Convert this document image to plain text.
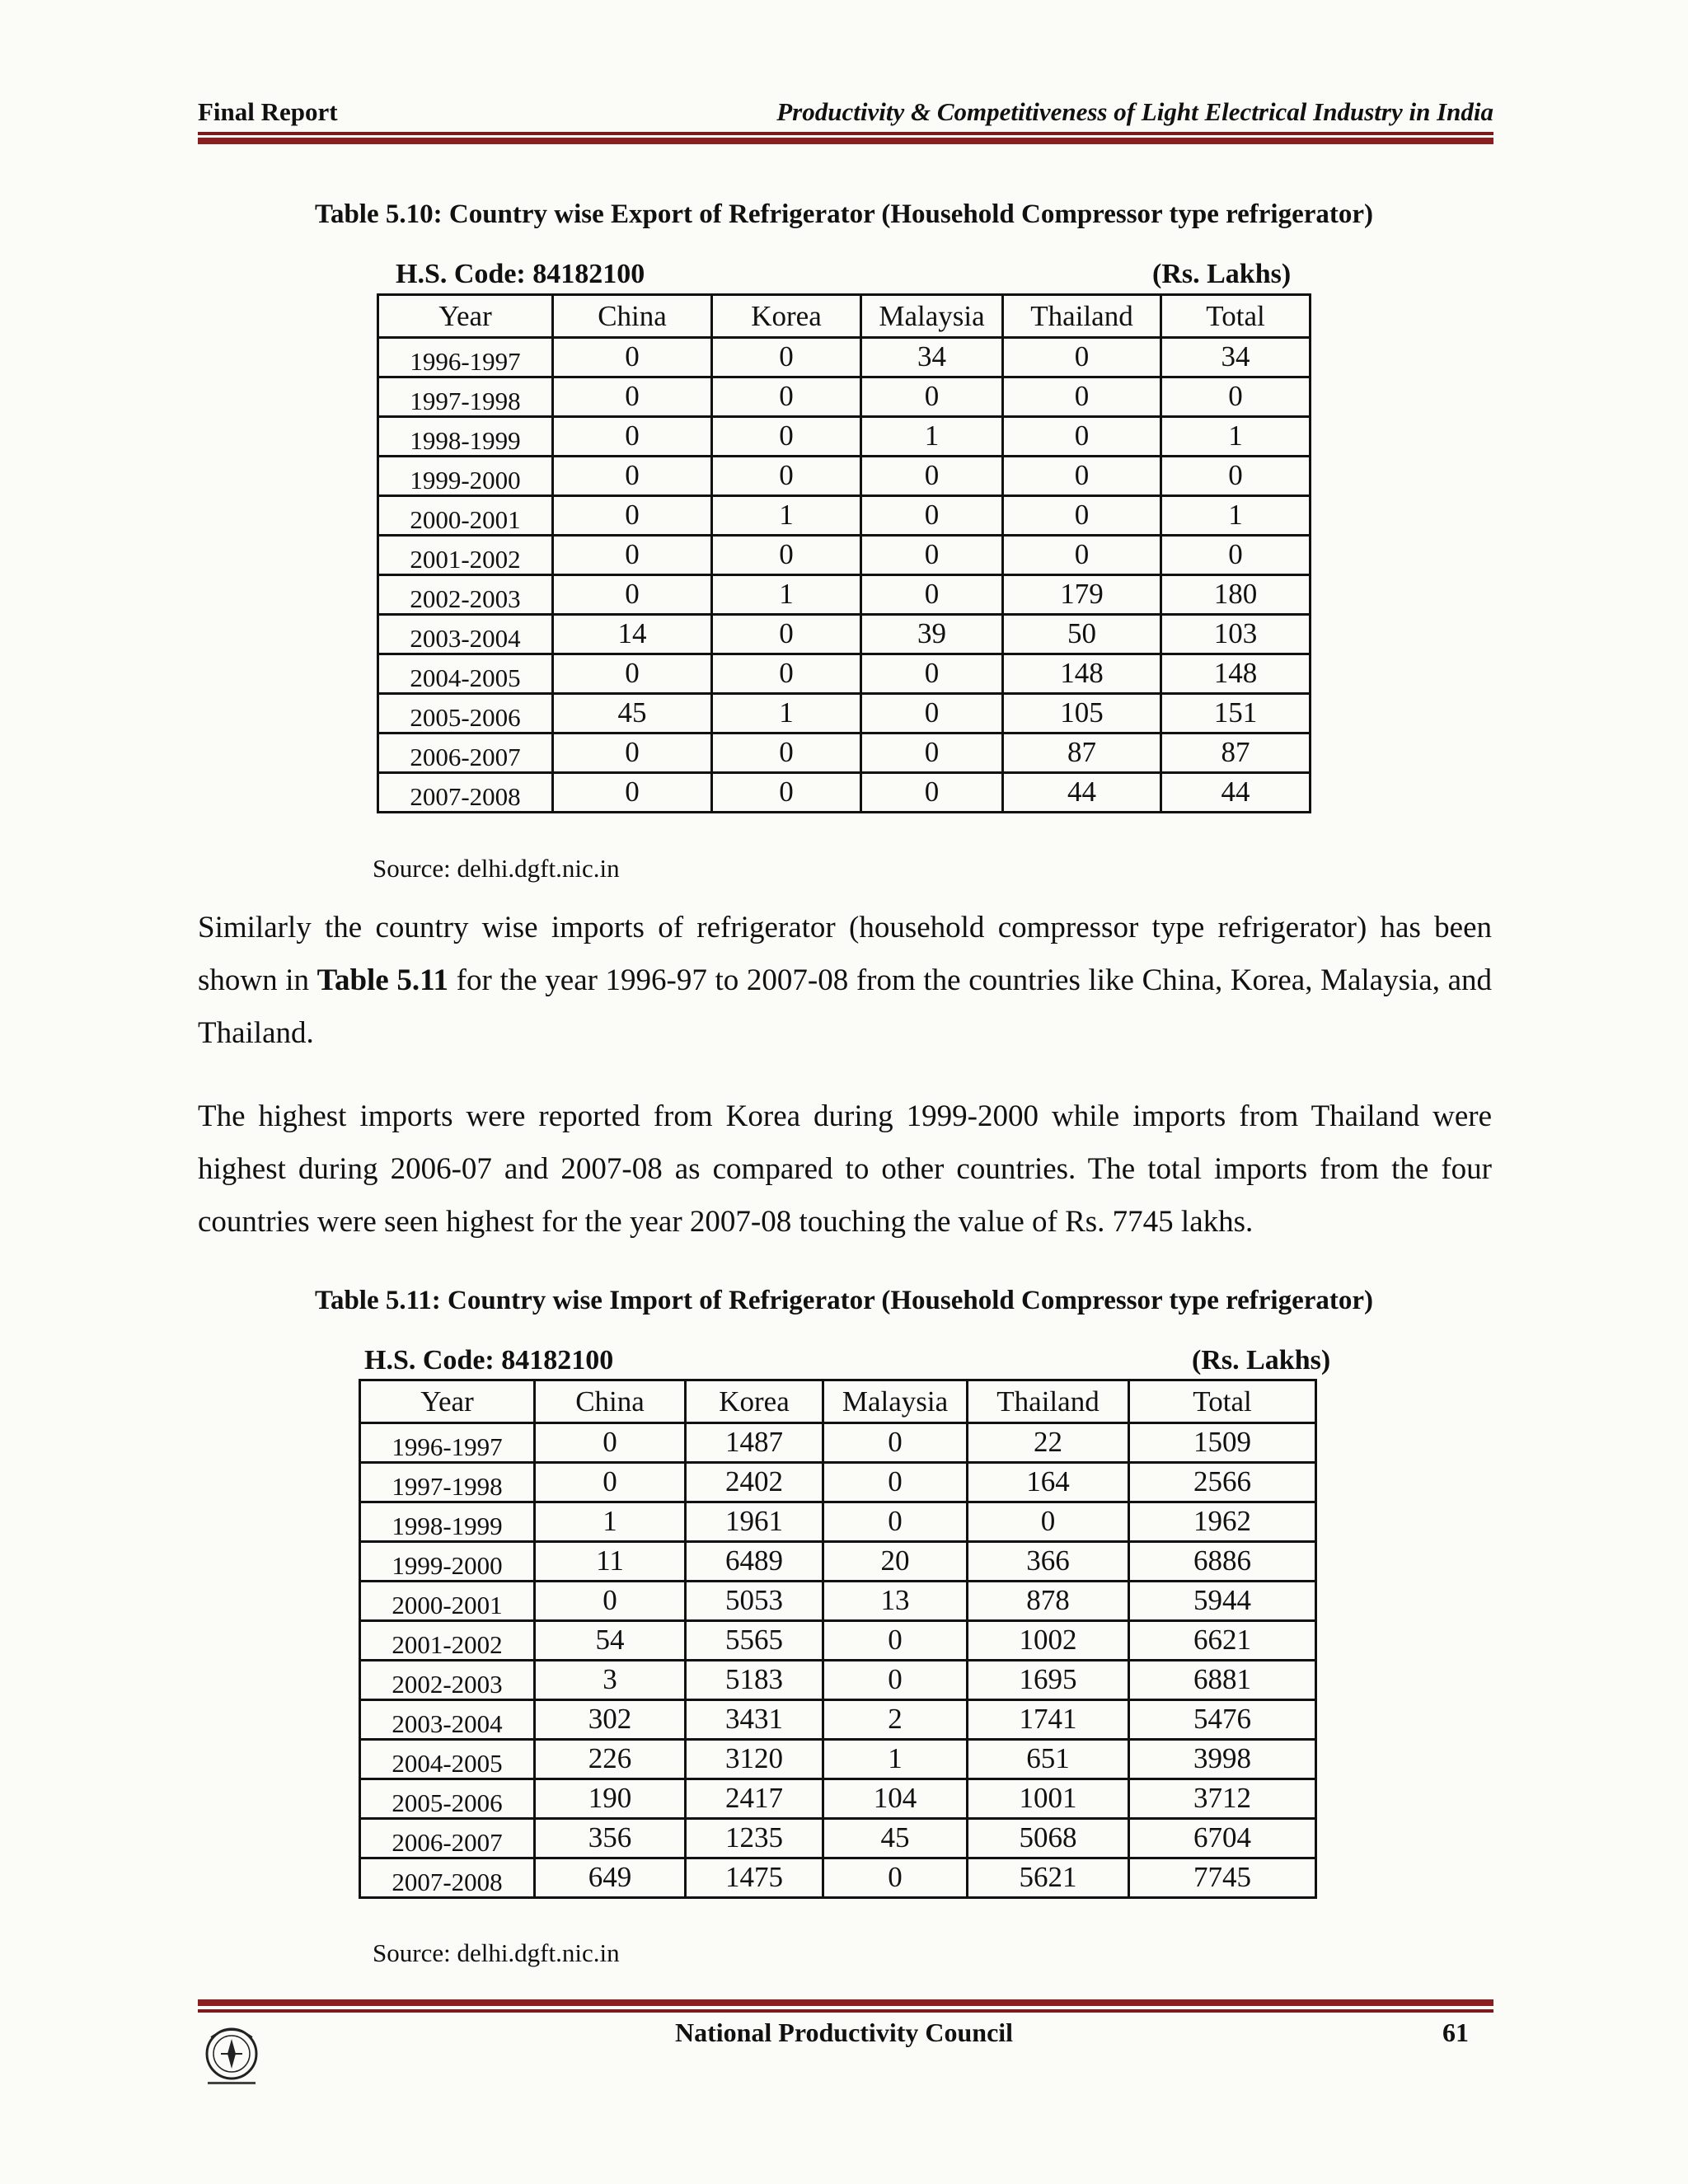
Final Report	Productivity & Competitiveness of Light Electrical Industry in India
Table 5.10: Country wise Export of Refrigerator (Household Compressor type refrigerator)
H.S. Code: 84182100	(Rs. Lakhs)
Year	China	Korea	Malaysia	Thailand	Total
1996-1997	0	0	34	0	34
1997-1998	0	0	0	0	0
1998-1999	0	0	1	0	1
1999-2000	0	0	0	0	0
2000-2001	0	1	0	0	1
2001-2002	0	0	0	0	0
2002-2003	0	1	0	179	180
2003-2004	14	0	39	50	103
2004-2005	0	0	0	148	148
2005-2006	45	1	0	105	151
2006-2007	0	0	0	87	87
2007-2008	0	0	0	44	44
Source: delhi.dgft.nic.in
Similarly the country wise imports of refrigerator (household compressor type refrigerator) has been shown in Table 5.11 for the year 1996-97 to 2007-08 from the countries like China, Korea, Malaysia, and Thailand.
The highest imports were reported from Korea during 1999-2000 while imports from Thailand were highest during 2006-07 and 2007-08 as compared to other countries. The total imports from the four countries were seen highest for the year 2007-08 touching the value of Rs. 7745 lakhs.
Table 5.11: Country wise Import of Refrigerator (Household Compressor type refrigerator)
H.S. Code: 84182100	(Rs. Lakhs)
Year	China	Korea	Malaysia	Thailand	Total
1996-1997	0	1487	0	22	1509
1997-1998	0	2402	0	164	2566
1998-1999	1	1961	0	0	1962
1999-2000	11	6489	20	366	6886
2000-2001	0	5053	13	878	5944
2001-2002	54	5565	0	1002	6621
2002-2003	3	5183	0	1695	6881
2003-2004	302	3431	2	1741	5476
2004-2005	226	3120	1	651	3998
2005-2006	190	2417	104	1001	3712
2006-2007	356	1235	45	5068	6704
2007-2008	649	1475	0	5621	7745
Source: delhi.dgft.nic.in
National Productivity Council	61
